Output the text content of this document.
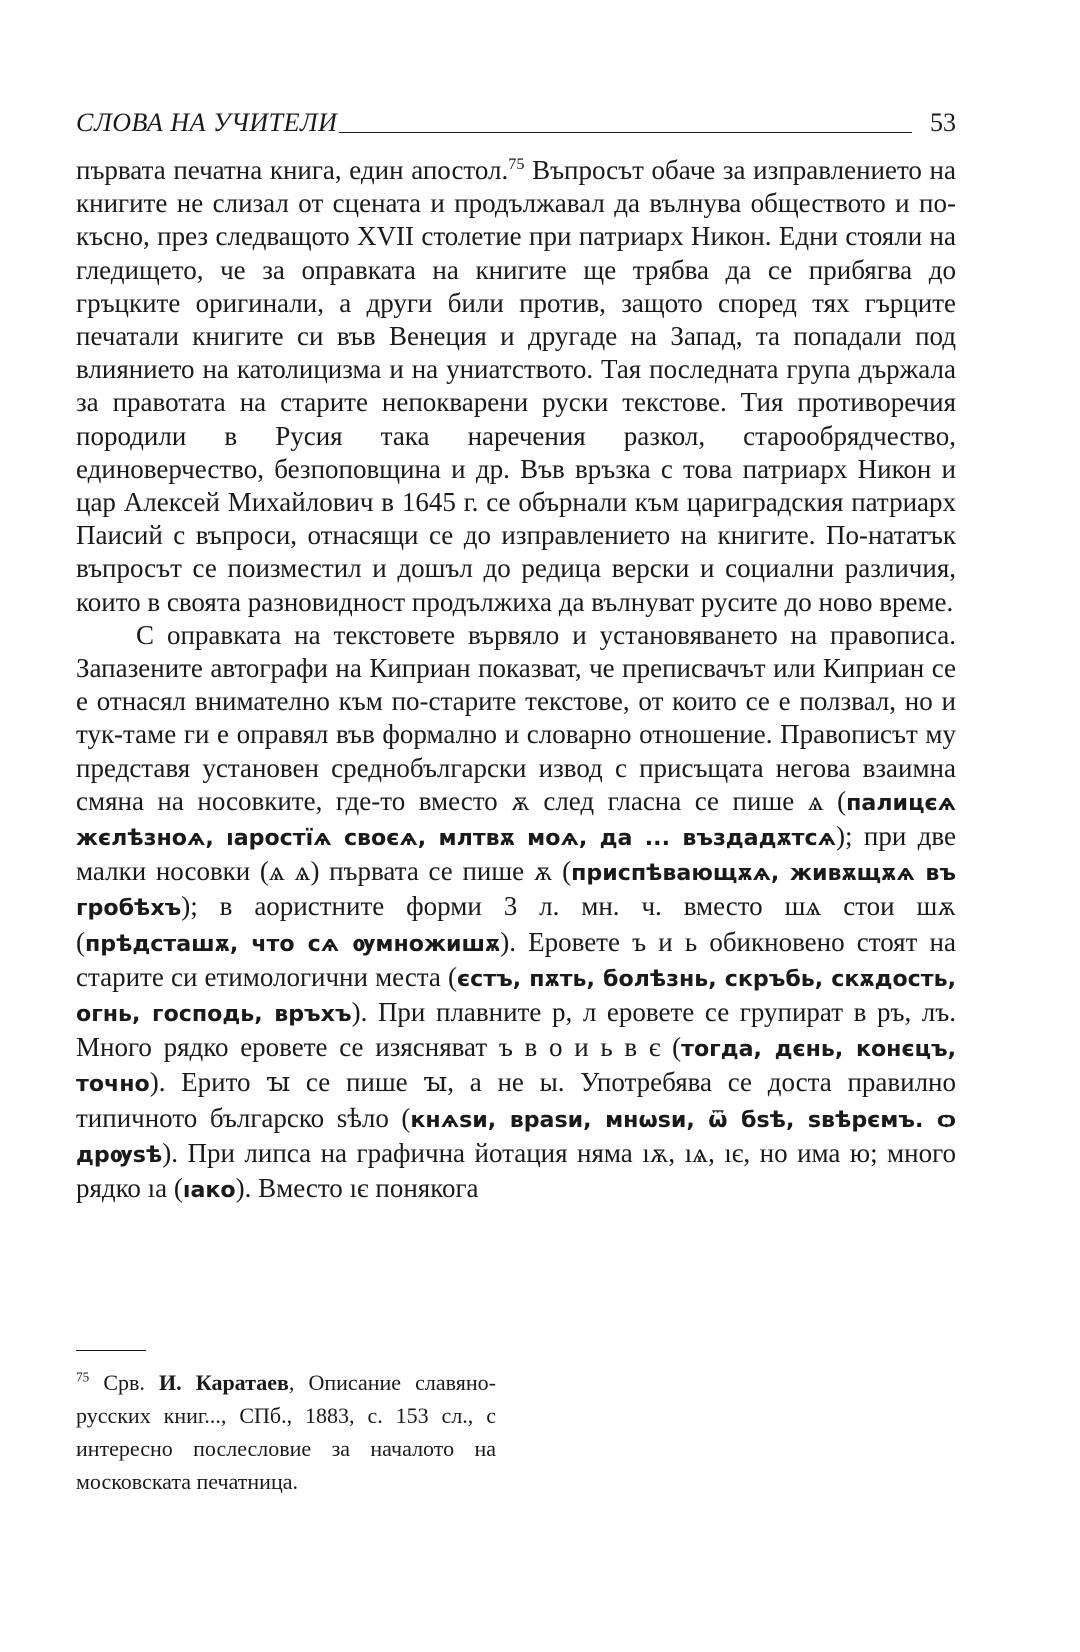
СЛОВА НА УЧИТЕЛИ	53

първата печатна книга, един апостол.$^{75}$ Въпросът обаче за изправлението на книгите не слизал от сцената и продължавал да вълнува обществото и по-късно, през следващото XVII столетие при патриарх Никон. Едни стояли на гледището, че за оправката на книгите ще трябва да се прибягва до гръцките оригинали, а други били против, защото според тях гърците печатали книгите си във Венеция и другаде на Запад, та попадали под влиянието на католицизма и на униатството. Тая последната група държала за правотата на старите непокварени руски текстове. Тия противоречия породили в Русия така наречения разкол, старообрядчество, единоверчество, безпоповщина и др. Във връзка с това патриарх Никон и цар Алексей Михайлович в 1645 г. се обърнали към цариградския патриарх Паисий с въпроси, отнасящи се до изправлението на книгите. По-нататък въпросът се поизместил и дошъл до редица верски и социални различия, които в своята разновидност продължиха да вълнуват русите до ново време.

С оправката на текстовете вървяло и установяването на правописа. Запазените автографи на Киприан показват, че преписвачът или Киприан се е отнасял внимателно към по-старите текстове, от които се е ползвал, но и тук-таме ги е оправял във формално и словарно отношение. Правописът му представя установен среднобългарски извод с присъщата негова взаимна смяна на носовките, где-то вместо ѫ след гласна се пише ѧ (палицєѧ жєлѣзноѧ, ıаростїѧ своєѧ, млтвѫ моѧ, да ... въздадѫтсѧ); при две малки носовки (ѧ ѧ) първата се пише ѫ (приспѣвающѫѧ, живѫщѫѧ въ гробѣхъ); в аористните форми 3 л. мн. ч. вместо шѧ стои шѫ (прѣдсташѫ, что сѧ ѹмножишѫ). Еровете ъ и ь обикновено стоят на старите си етимологични места (єстъ, пѫть, болѣзнь, скръбь, скѫдость, огнь, господь, връхъ). При плавните р, л еровете се групират в ръ, лъ. Много рядко еровете се изясняват ъ в о и ь в є (тогда, дєнь, конєцъ, точно). Ерито ꙑ се пише ꙑ, а не ы. Употребява се доста правилно типичното българско ѕѣло (кнѧѕи, враѕи, мнѡѕи, ѿ бѕѣ, ѕвѣрємъ. ѻ дрѹѕѣ). При липса на графична йотация няма ıѫ, ıѧ, ıє, но има ю; много рядко ıа (ıако). Вместо ıє понякога

$^{75}$ Срв. И. Каратаев, Описание славяно-русских книг..., СПб., 1883, с. 153 сл., с интересно послесловие за началото на московската печатница.
